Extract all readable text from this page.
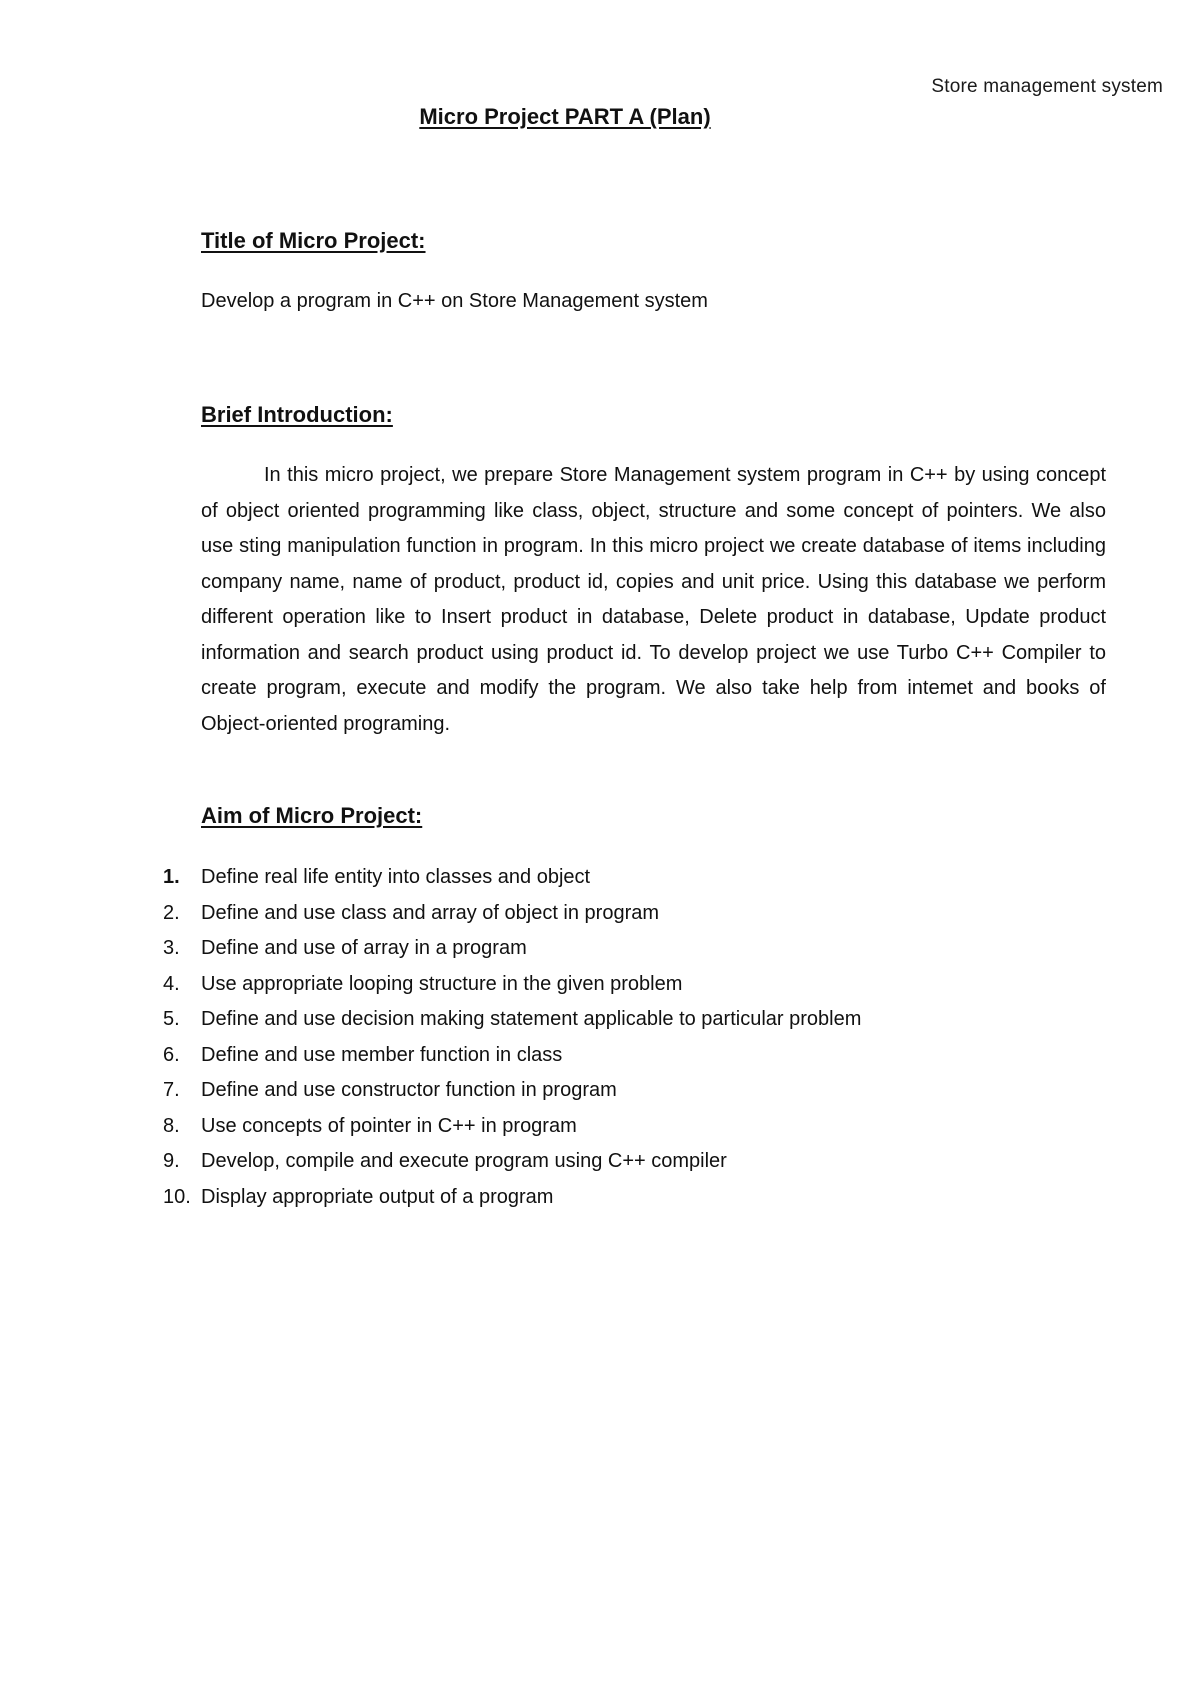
Store management system
Micro Project PART A (Plan)
Title of Micro Project:

Develop a program in C++ on Store Management system

Brief Introduction:

In this micro project, we prepare Store Management system program in C++ by using concept of object oriented programming like class, object, structure and some concept of pointers. We also use sting manipulation function in program. In this micro project we create database of items including company name, name of product, product id, copies and unit price. Using this database we perform different operation like to Insert product in database, Delete product in database, Update product information and search product using product id. To develop project we use Turbo C++ Compiler to create program, execute and modify the program. We also take help from intemet and books of Object-oriented programing.

Aim of Micro Project:
1.	Define real life entity into classes and object
2.	Define and use class and array of object in program
3.	Define and use of array in a program
4.	Use appropriate looping structure in the given problem
5.	Define and use decision making statement applicable to particular problem
6.	Define and use member function in class
7.	Define and use constructor function in program
8.	Use concepts of pointer in C++ in program
9.	Develop, compile and execute program using C++ compiler
10. Display appropriate output of a program
